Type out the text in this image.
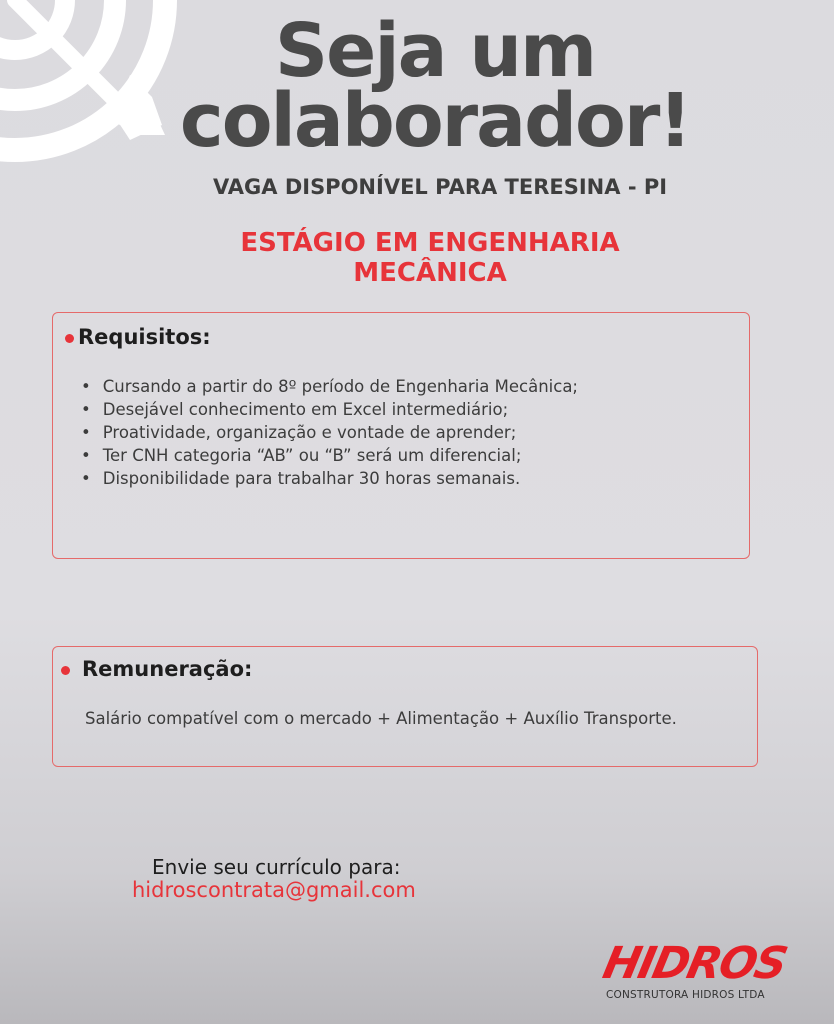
Seja um
colaborador!
VAGA DISPONÍVEL PARA TERESINA - PI
ESTÁGIO EM ENGENHARIA
MECÂNICA
Requisitos:
• Cursando a partir do 8º período de Engenharia Mecânica;
• Desejável conhecimento em Excel intermediário;
• Proatividade, organização e vontade de aprender;
• Ter CNH categoria “AB” ou “B” será um diferencial;
• Disponibilidade para trabalhar 30 horas semanais.
Remuneração:
Salário compatível com o mercado + Alimentação + Auxílio Transporte.
Envie seu currículo para:
hidroscontrata@gmail.com
HIDROS
CONSTRUTORA HIDROS LTDA
